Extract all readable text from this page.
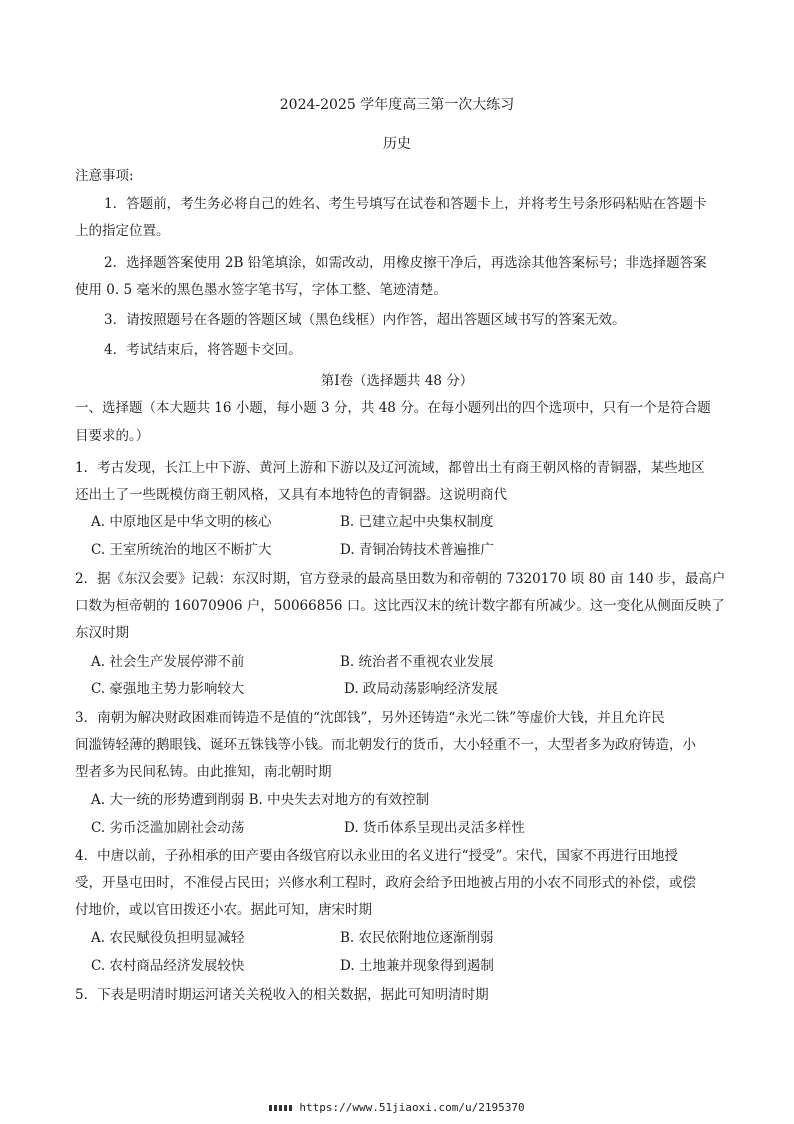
2024-2025 学年度高三第一次大练习
历史
注意事项:
1．答题前，考生务必将自己的姓名、考生号填写在试卷和答题卡上，并将考生号条形码粘贴在答题卡
上的指定位置。
2．选择题答案使用 2B 铅笔填涂，如需改动，用橡皮擦干净后，再选涂其他答案标号；非选择题答案
使用 0. 5 毫米的黑色墨水签字笔书写，字体工整、笔迹清楚。
3．请按照题号在各题的答题区域（黑色线框）内作答，超出答题区域书写的答案无效。
4．考试结束后，将答题卡交回。
第Ⅰ卷（选择题共 48 分）
一、选择题（本大题共 16 小题，每小题 3 分，共 48 分。在每小题列出的四个选项中，只有一个是符合题
目要求的。）
1．考古发现，长江上中下游、黄河上游和下游以及辽河流域，都曾出土有商王朝风格的青铜器，某些地区
还出土了一些既模仿商王朝风格，又具有本地特色的青铜器。这说明商代
A. 中原地区是中华文明的核心	B. 已建立起中央集权制度
C. 王室所统治的地区不断扩大	D. 青铜冶铸技术普遍推广
2．据《东汉会要》记载：东汉时期，官方登录的最高垦田数为和帝朝的 7320170 顷 80 亩 140 步，最高户
口数为桓帝朝的 16070906 户，50066856 口。这比西汉末的统计数字都有所减少。这一变化从侧面反映了
东汉时期
A. 社会生产发展停滞不前	B. 统治者不重视农业发展
C. 豪强地主势力影响较大	D. 政局动荡影响经济发展
3．南朝为解决财政困难而铸造不是值的“沈郎钱”，另外还铸造“永光二铢”等虚价大钱，并且允许民
间滥铸轻薄的鹅眼钱、诞环五铢钱等小钱。而北朝发行的货币，大小轻重不一，大型者多为政府铸造，小
型者多为民间私铸。由此推知，南北朝时期
A. 大一统的形势遭到削弱 B. 中央失去对地方的有效控制
C. 劣币泛滥加剧社会动荡	D. 货币体系呈现出灵活多样性
4．中唐以前，子孙相承的田产要由各级官府以永业田的名义进行“授受”。宋代，国家不再进行田地授
受，开垦屯田时，不准侵占民田；兴修水利工程时，政府会给予田地被占用的小农不同形式的补偿，或偿
付地价，或以官田拨还小农。据此可知，唐宋时期
A. 农民赋役负担明显减轻	B. 农民依附地位逐渐削弱
C. 农村商品经济发展较快	D. 土地兼并现象得到遏制
5．下表是明清时期运河诸关关税收入的相关数据，据此可知明清时期
https://www.51jiaoxi.com/u/2195370
